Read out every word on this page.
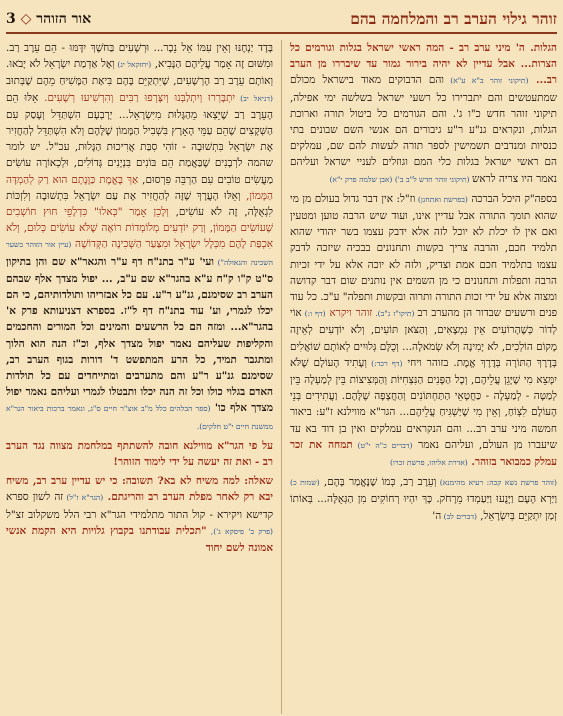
זוהר גילוי הערב רב והמלחמה בהם
אור הזוהר ◇ 3

הגלות. ה' מיני ערב רב - המה ראשי ישראל בגלות וגורמים כל הצרות... אבל עדיין לא יהיה בירור גמור עד שיבררו מן הערב רב... (תיקוני זוהר ב"א ע"א) והם הדבוקים מאוד בישראל מכולם שמתעטשים והם יתברירו כל רשעי ישראל בשלשה ימי אפילה, תיקוני זוהר חדש כ"ו ג'. והם הגורמים כל ביטול תורה וארוכת הגלות, ונקראים גנ"ע ר"ע גיבורים הם אנשי השם שבונים בתי כנסיות ומנדבים תשמישין לספר תורה לעשות להם שם, עמלקים הם ראשי ישראל בגלות כלי המם וגוזלים לעניי ישראל ועליהם נאמר היו צריה לראש (תיקוני זוהר חדש ל"ב ב') (אבן שלמה פרק י"א)

בספה"ק היכל הברכה (בפרשת ואתחנן) וז"ל: אין דבר גדול בעולם מן מי שהוא תומך התורה אבל עדיין אינו, ועוד שיש הרבה טוען ומטעין ואם אין לו יכלת לא יוכל לזה אלא ידבק עצמו בשר יהודי שהוא תלמיד חכם, והרבה צריך בקשות ותחנונים בבכיה שיזכה לדבק עצמו בתלמיד חכם אמת וצדיק, ולזה לא יוכה אלא על ידי זכיות הרבה ותפלות ותחנונים כי מן השמים אין נותנים שום דבר קדושה ומצוה אלא על ידי זכות התורה ותרוה ובקשות ותפלה" ע"כ. כל עוד פנים ורשעים שבדור הן מהערב רב (תיקו"ז נ"ב). זוהר ויקרא (דף ו:) אוֹי לְדוֹר כְּשֶׁהָרוֹעִים אֵין נִמְצָאִים, וְהַצֹּאן תּוֹעִים, וְלֹא יוֹדְעִים לְאֵיזֶה מָקוֹם הוֹלְכִים, לֹא יָמִינָה וְלֹא שְׂמֹאלָה... וְכֻלָּם גְּלוּיִים לְאוֹתָם שׁוֹאֲלִים בְּדֶרֶךְ הַתּוֹרָה בְּדֶרֶךְ אֱמֶת. בזוהר ויחי (דף רכד:) וְעָתִיד הָעוֹלָם שֶׁלֹּא יִמָּצֵא מִי שֶׁיָּגֵן עֲלֵיהֶם, וְכָל הַפָּנִים הַנִּצְחִיּוֹת וְהַמְּצִיצוֹת בֵּין לְמַעְלָה בֵּין לְמַטָּה - לְמַעְלָה - כַּחֲטָאֵי הַתַּחְתּוֹנִים וְהַחֲצָפָה שֶׁלָּהֶם. וַעֲתִידִים בְּנֵי הָעוֹלָם לִצְוֹחַ, וְאֵין מִי שֶׁיַּשְׁגִּיחַ עֲלֵיהֶם... הגר"א מווילנא ז"ע: ביאור חמשה מיני ערב רב... והם הנקראים עמלקים ואין בן דוד בא עד שיעברו מן העולם, ועליהם נאמר (דברים כ"ה י"ט) תמחה את זכר עמלק כמבואר בזוהר. (אדרת אליהו, פרשת זכרו)

(זוהר פרשת נשא קכה: רעיא מהימנא) וְעֵרֶב רַב, כְּמוֹ שֶׁנֶּאֱמַר בָּהֶם, (שמות כ) וַיַּרְא הָעָם וַיָּנֻעוּ וַיַּעַמְדוּ מֵרָחֹק. כָּךְ יִהְיוּ רְחוֹקִים מִן הַגְּאֻלָּה... בְּאוֹתוֹ זְמַן יִתְקַיֵּם בְּיִשְׂרָאֵל, (דברים לב) ה'

בָּדָד יַנְחֶנּוּ וְאֵין עִמּוֹ אֵל נֵכָר... וּרְשָׁעִים בַּחֹשֶׁךְ יִדָּמּוּ - הֵם עֵרֶב רַב. וּמִשּׁוּם זֶה אָמַר עֲלֵיהֶם הַנָּבִיא, (יחזקאל יג) וְאֶל אַדְמַת יִשְׂרָאֵל לֹא יָבֹאוּ. וְאוֹתָם עֵרֶב רַב הָרְשָׁעִים, שֶׁיִּתְקַיֵּם בָּהֶם בִּיאַת הַמָּשִׁיחַ מֵהֶם שֶׁבְּתוּב (דניאל יב) יִתְבָּרְרוּ וְיִתְלַבְּנוּ וְיִצָּרְפוּ רַבִּים וְהִרְשִׁיעוּ רְשָׁעִים. אֵלּוּ הֵם הָעֵרֶב רַב שֶׁיֵּצְאוּ מֵהַגָּלוּת מִיִּשְׂרָאֵל... יְרָבְעָם הִשְׁתַּדֵּל וְעָסַק עִם הַשְּׁקָצִים שֶׁהֵם עַמֵּי הָאָרֶץ בִּשְׁבִיל הַמָּמוֹן שֶׁלָּהֶם וְלֹא הִשְׁתַּדֵּל לְהַחֲזִיר אֶת יִשְׂרָאֵל בִּתְשׁוּבָה - זוֹהִי סִבַּת אֲרִיכוּת הַגָּלוּת, עכ"ל. יש לומר שהמה לֹרְבָנִים שֶׁבַּאֲמַת הֵם בּוֹנִים בִּנְיָנִים גְּדוֹלִים, וּלְכְאוֹרָה עוֹשִׂים מַעֲשִׂים טוֹבִים עִם הַרְבֵּה פִּרְסוּם, אַךְ בֶּאֱמֶת כַּוָּנָתָם הוּא רַק לְהַמְדָּה הַמָּמוֹן, וְאֵלּוּ הָעֲרָךְ שֶׁזֶּה לְהַחֲזִיר אֶת עַם יִשְׂרָאֵל בִּתְשׁוּבָה וְלִזְכּוֹת לִגְאֻלָּה, זֶה לֹא עוֹשִׂים, וְלָכֵן אָמַר "כְּאלוּ" כִּדְלָפֵי חוּץ חוֹשְׁבִים שֶׁעוֹשִׂים הַמָּמוֹן, וְרַק יוֹדְעִים מְלוֹמְדוֹת רוֹאֶה שֶׁלֹּא עוֹשִׂים כְּלוּם, וְלֹא אִכְפַּת לָהֶם מִכְּלָל יִשְׂרָאֵל וּמִצַּעַר הַשְּׁכִינָה הַקְּדוֹשָׁה (עיין אור הזוהר בשער השכינה והגאולה") ועי' ע"ר בתנ"ח דף ע"ר והגאר"א שם והן בתיקון ס"ט ק"ו ק"ח ע"א בהגר"א שם ע"ב, ... יפול מצדך אלף שבהם הערב רב שסימנם, גנ"ע ר"ע. עם כל אבזריהו ותולדותיהם, כי הם יכלו לגמרי, וע' עוד בתנ"ח דף ל"ז. בספרא דצניעותא פרק א' בהגר"א... ומזה הם כל הרשעים והמינים וכל המורים והחכמים והקליפות שעליהם נאמר יפול מצדך אלף, וכ"ז הנה הוא הלוך ומתגבר תמיד, כל הרע המתפשט ד' דורות בגוף הערב רב, שסימנם גנ"ע ר"ע והם מתערבים ומתייחדים עם כל תולדות האדם בגלוי כולו וכל זה הנה יכלו ותבטלו לגמרי ועליהם נאמר יפול מצדך אלף כו' (ספר הבלהים כלל מ"ב אוצ"ר חיים ס"ג, ונאמר ברכות ביאור הגר"א ממשנת חיים י"ט חלקים).

על פי הגר"א מווילנא חובה להשתתף במלחמת מצווה נגד הערב רב - ואת זה יעשה על ידי לימוד הזוהר!

שאלה: למה משיח לא בא? תשובה: כי יש עדיין ערב רב, משיח יבא רק לאחר מפלת הערב רב והריגתם. (הגר"א ז"ל) זה לשון ספרא קדישא ויקירא - קול התור מתלמידי הגר"א רבי הלל משקלוב זצ"ל (פרק ב' פיסקא ג'), "תכלית עבודתנו בקבוץ גלויות היא הקמת אנשי אמונה לשם יחוד
